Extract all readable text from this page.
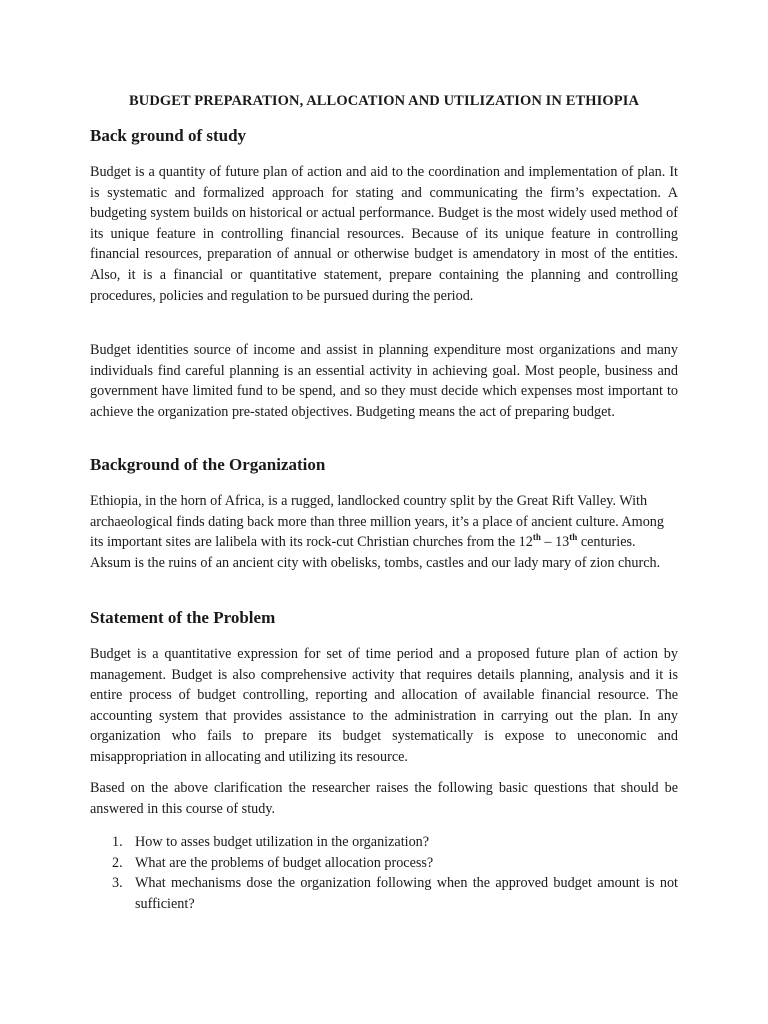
BUDGET PREPARATION, ALLOCATION AND UTILIZATION IN ETHIOPIA
Back ground of study

Budget is a quantity of future plan of action and aid to the coordination and implementation of plan. It is systematic and formalized approach for stating and communicating the firm’s expectation. A budgeting system builds on historical or actual performance. Budget is the most widely used method of its unique feature in controlling financial resources. Because of its unique feature in controlling financial resources, preparation of annual or otherwise budget is amendatory in most of the entities. Also, it is a financial or quantitative statement, prepare containing the planning and controlling procedures, policies and regulation to be pursued during the period.

Budget identities source of income and assist in planning expenditure most organizations and many individuals find careful planning is an essential activity in achieving goal. Most people, business and government have limited fund to be spend, and so they must decide which expenses most important to achieve the organization pre-stated objectives. Budgeting means the act of preparing budget.

Background of the Organization

Ethiopia, in the horn of Africa, is a rugged, landlocked country split by the Great Rift Valley. With archaeological finds dating back more than three million years, it’s a place of ancient culture. Among its important sites are lalibela with its rock-cut Christian churches from the 12th – 13th centuries. Aksum is the ruins of an ancient city with obelisks, tombs, castles and our lady mary of zion church.

Statement of the Problem

Budget is a quantitative expression for set of time period and a proposed future plan of action by management. Budget is also comprehensive activity that requires details planning, analysis and it is entire process of budget controlling, reporting and allocation of available financial resource. The accounting system that provides assistance to the administration in carrying out the plan. In any organization who fails to prepare its budget systematically is expose to uneconomic and misappropriation in allocating and utilizing its resource.

Based on the above clarification the researcher raises the following basic questions that should be answered in this course of study.

1. How to asses budget utilization in the organization?
2. What are the problems of budget allocation process?
3. What mechanisms dose the organization following when the approved budget amount is not sufficient?
